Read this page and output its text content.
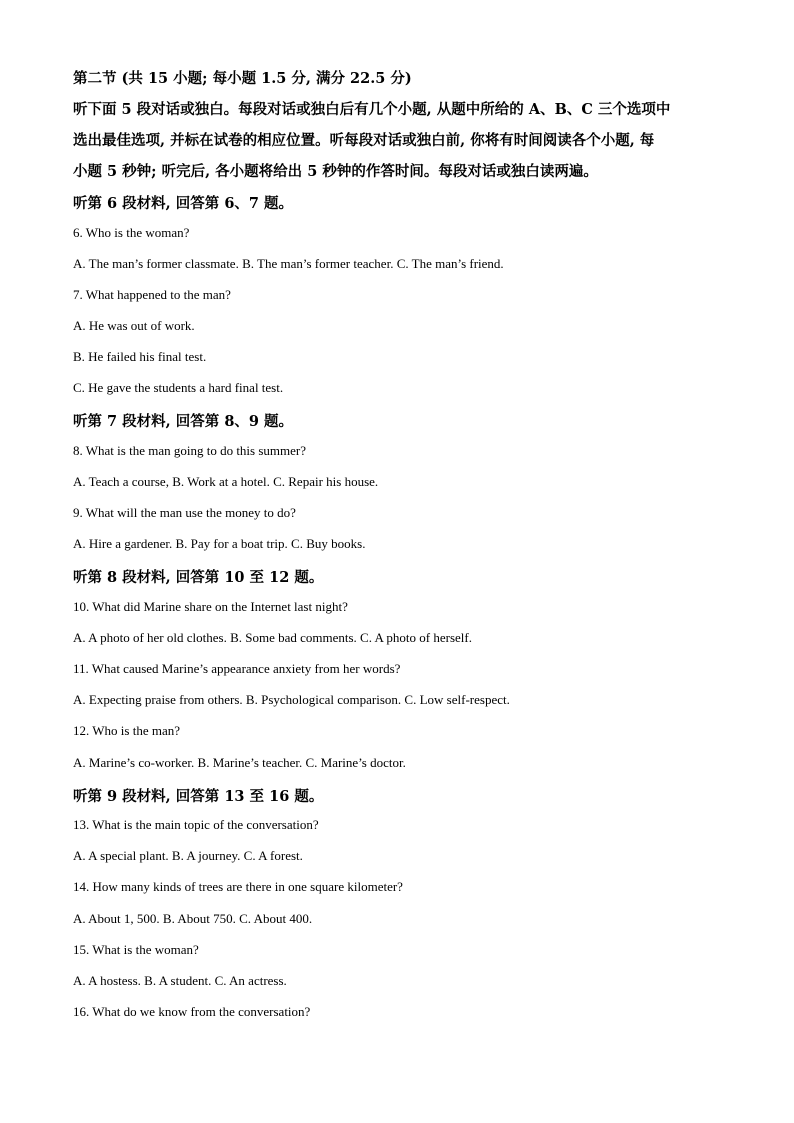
第二节 (共 15 小题; 每小题 1.5 分, 满分 22.5 分)
听下面 5 段对话或独白。每段对话或独白后有几个小题, 从题中所给的 A、B、C 三个选项中
选出最佳选项, 并标在试卷的相应位置。听每段对话或独白前, 你将有时间阅读各个小题, 每
小题 5 秒钟; 听完后, 各小题将给出 5 秒钟的作答时间。每段对话或独白读两遍。
听第 6 段材料, 回答第 6、7 题。
6. Who is the woman?
A. The man’s former classmate. B. The man’s former teacher. C. The man’s friend.
7. What happened to the man?
A. He was out of work.
B. He failed his final test.
C. He gave the students a hard final test.
听第 7 段材料, 回答第 8、9 题。
8. What is the man going to do this summer?
A. Teach a course, B. Work at a hotel. C. Repair his house.
9. What will the man use the money to do?
A. Hire a gardener. B. Pay for a boat trip. C. Buy books.
听第 8 段材料, 回答第 10 至 12 题。
10. What did Marine share on the Internet last night?
A. A photo of her old clothes. B. Some bad comments. C. A photo of herself.
11. What caused Marine’s appearance anxiety from her words?
A. Expecting praise from others. B. Psychological comparison. C. Low self-respect.
12. Who is the man?
A. Marine’s co-worker. B. Marine’s teacher. C. Marine’s doctor.
听第 9 段材料, 回答第 13 至 16 题。
13. What is the main topic of the conversation?
A. A special plant. B. A journey. C. A forest.
14. How many kinds of trees are there in one square kilometer?
A. About 1, 500. B. About 750. C. About 400.
15. What is the woman?
A. A hostess. B. A student. C. An actress.
16. What do we know from the conversation?
